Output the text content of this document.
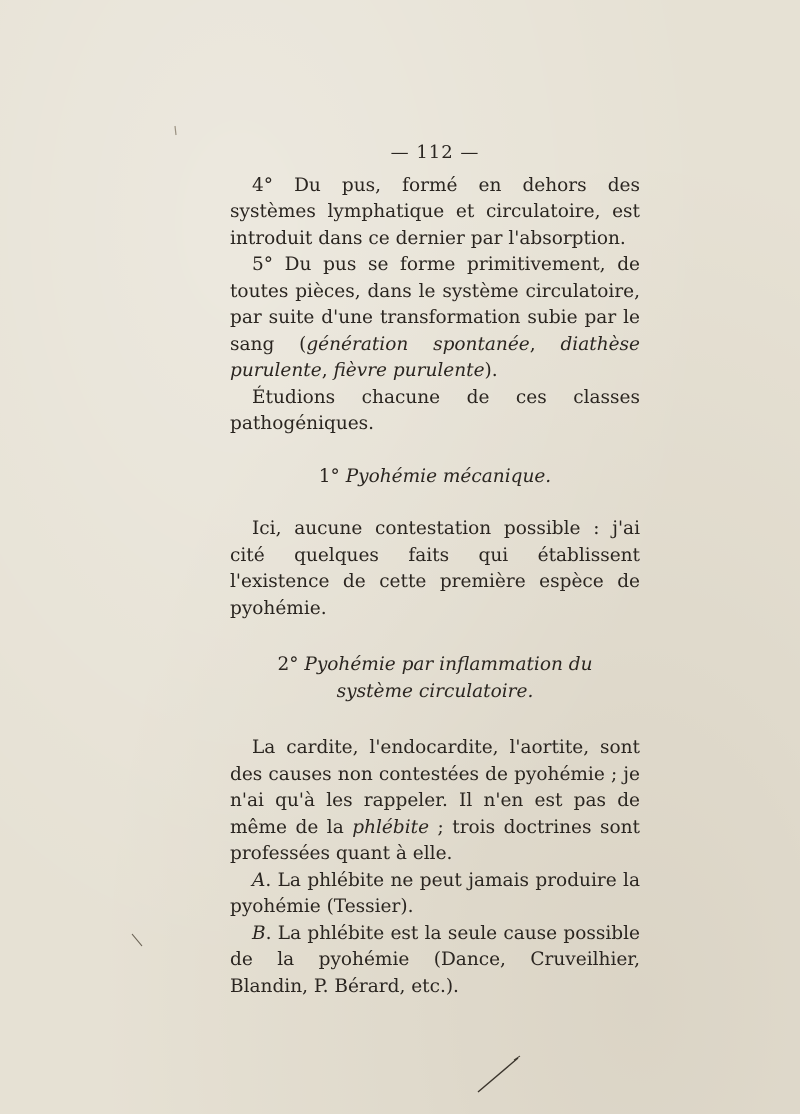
— 112 —

4° Du pus, formé en dehors des systèmes lymphatique et circulatoire, est introduit dans ce dernier par l'absorption.

5° Du pus se forme primitivement, de toutes pièces, dans le système circulatoire, par suite d'une transformation subie par le sang (génération spontanée, diathèse purulente, fièvre purulente).

Étudions chacune de ces classes pathogéniques.

1° Pyohémie mécanique.

Ici, aucune contestation possible : j'ai cité quelques faits qui établissent l'existence de cette première espèce de pyohémie.

2° Pyohémie par inflammation du système circulatoire.

La cardite, l'endocardite, l'aortite, sont des causes non contestées de pyohémie ; je n'ai qu'à les rappeler. Il n'en est pas de même de la phlébite ; trois doctrines sont professées quant à elle.

A. La phlébite ne peut jamais produire la pyohémie (Tessier).

B. La phlébite est la seule cause possible de la pyohémie (Dance, Cruveilhier, Blandin, P. Bérard, etc.).
